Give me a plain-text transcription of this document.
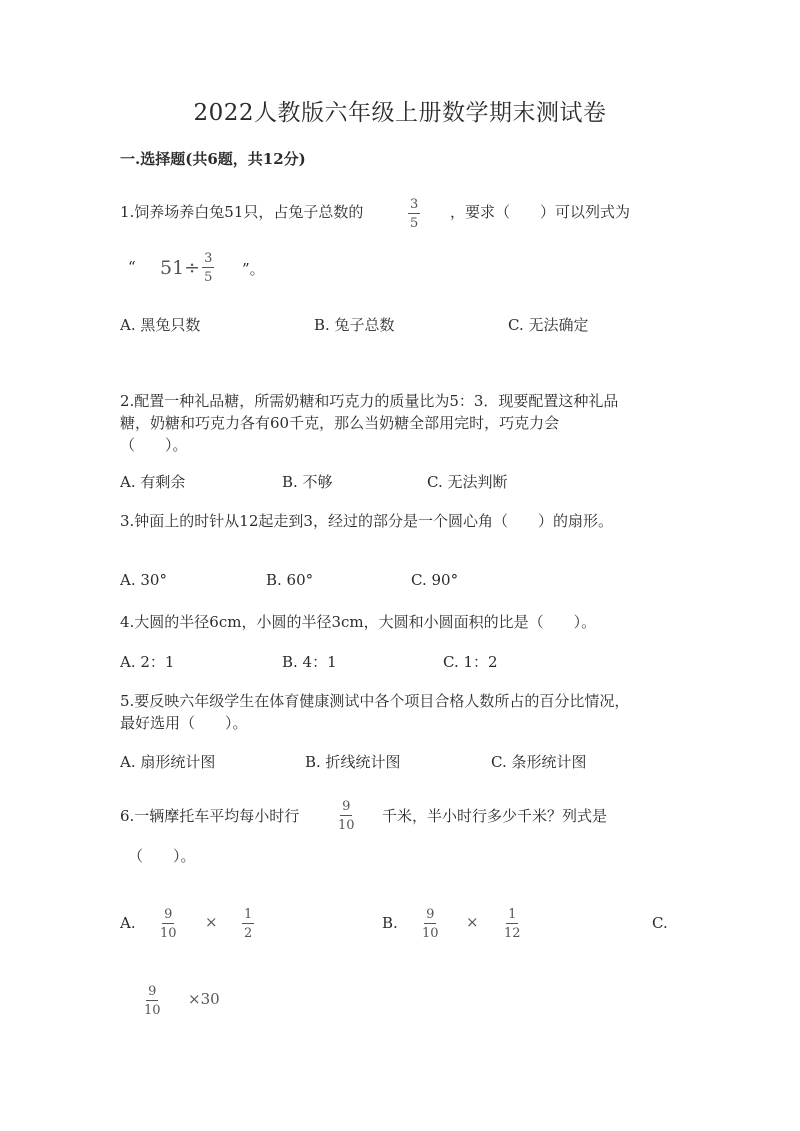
2022人教版六年级上册数学期末测试卷
一.选择题(共6题，共12分)
1.饲养场养白兔51只，占兔子总数的	$\frac{3}{5}$ ，要求（　　）可以列式为
“ $51\div \frac{3}{5}$ ”。
A. 黑兔只数	B. 兔子总数	C. 无法确定
2.配置一种礼品糖，所需奶糖和巧克力的质量比为5：3．现要配置这种礼品
糖，奶糖和巧克力各有60千克，那么当奶糖全部用完时，巧克力会
（　　）。
A. 有剩余	B. 不够	C. 无法判断
3.钟面上的时针从12起走到3，经过的部分是一个圆心角（　　）的扇形。
A. 30°	B. 60°	C. 90°
4.大圆的半径6cm，小圆的半径3cm，大圆和小圆面积的比是（　　）。
A. 2：1	B. 4：1	C. 1：2
5.要反映六年级学生在体育健康测试中各个项目合格人数所占的百分比情况，
最好选用（　　）。
A. 扇形统计图	B. 折线统计图	C. 条形统计图
6.一辆摩托车平均每小时行	$\frac{9}{10}$ 千米，半小时行多少千米？列式是
（　　）。
A. $\frac{9}{10} \times \frac{1}{2}$	B. $\frac{9}{10} \times \frac{1}{12}$	C.
$\frac{9}{10} \times 30$
